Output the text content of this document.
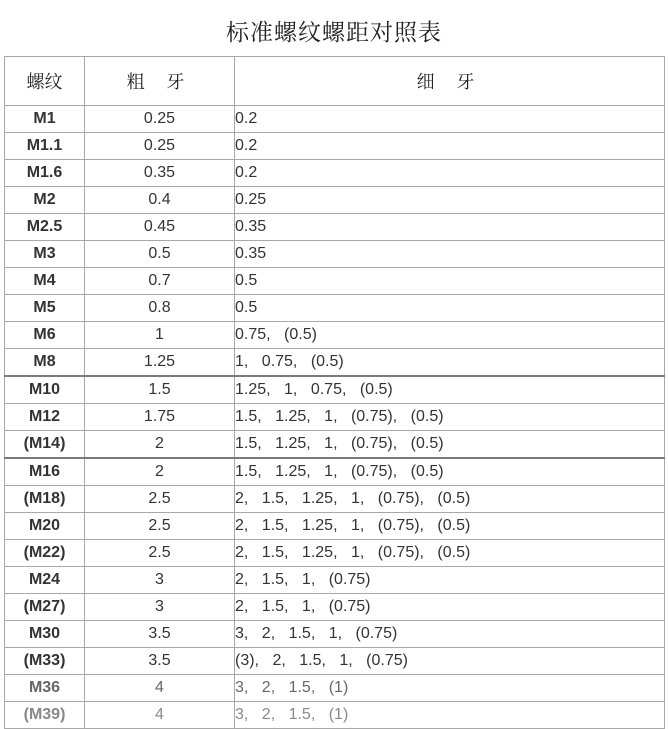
标准螺纹螺距对照表
螺纹	粗 牙	细 牙
M1	0.25	0.2
M1.1	0.25	0.2
M1.6	0.35	0.2
M2	0.4	0.25
M2.5	0.45	0.35
M3	0.5	0.35
M4	0.7	0.5
M5	0.8	0.5
M6	1	0.75, (0.5)
M8	1.25	1, 0.75, (0.5)
M10	1.5	1.25, 1, 0.75, (0.5)
M12	1.75	1.5, 1.25, 1, (0.75), (0.5)
(M14)	2	1.5, 1.25, 1, (0.75), (0.5)
M16	2	1.5, 1.25, 1, (0.75), (0.5)
(M18)	2.5	2, 1.5, 1.25, 1, (0.75), (0.5)
M20	2.5	2, 1.5, 1.25, 1, (0.75), (0.5)
(M22)	2.5	2, 1.5, 1.25, 1, (0.75), (0.5)
M24	3	2, 1.5, 1, (0.75)
(M27)	3	2, 1.5, 1, (0.75)
M30	3.5	3, 2, 1.5, 1, (0.75)
(M33)	3.5	(3), 2, 1.5, 1, (0.75)
M36	4	3, 2, 1.5, (1)
(M39)	4	3, 2, 1.5, (1)
